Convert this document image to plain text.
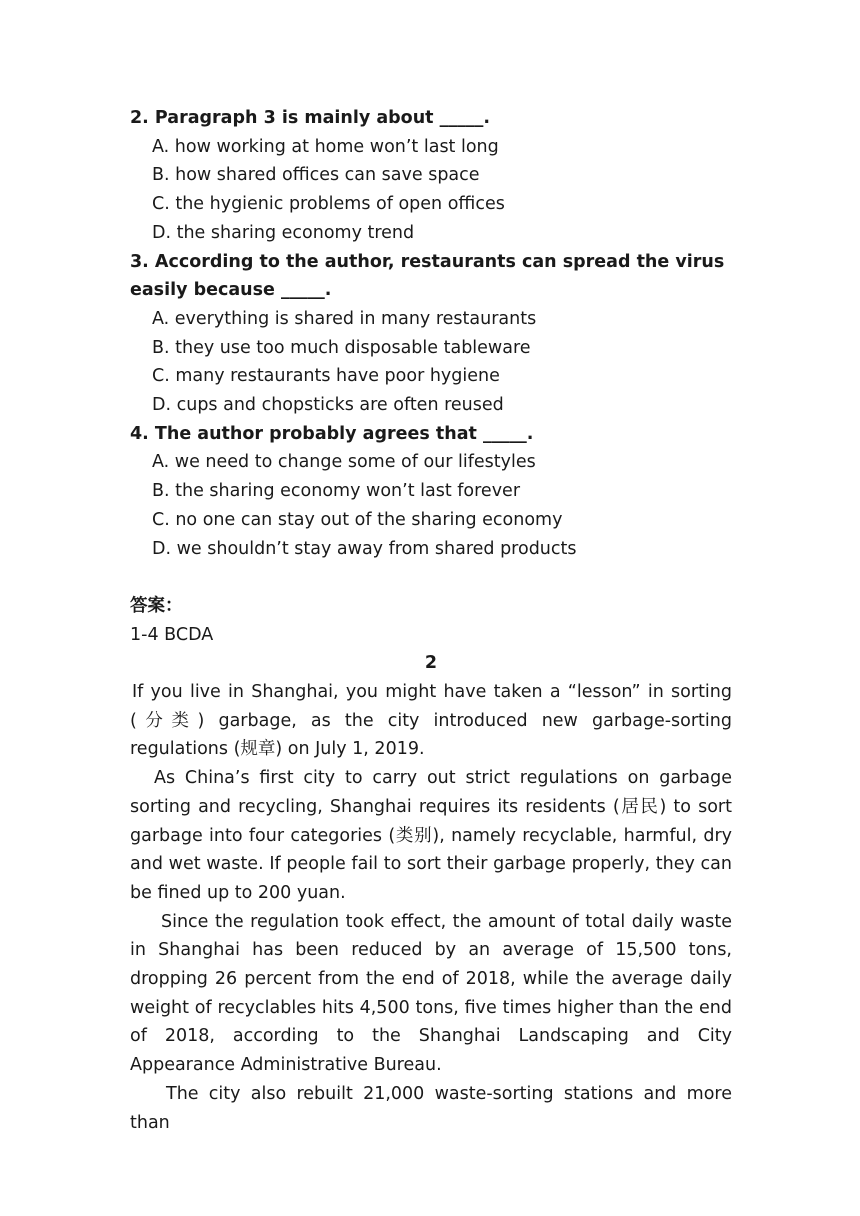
2. Paragraph 3 is mainly about _____.

A. how working at home won’t last long

B. how shared offices can save space

C. the hygienic problems of open offices

D. the sharing economy trend

3. According to the author, restaurants can spread the virus easily because _____.

A. everything is shared in many restaurants

B. they use too much disposable tableware

C. many restaurants have poor hygiene

D. cups and chopsticks are often reused

4. The author probably agrees that _____.

A. we need to change some of our lifestyles

B. the sharing economy won’t last forever

C. no one can stay out of the sharing economy

D. we shouldn’t stay away from shared products

答案：

1-4 BCDA

2

If you live in Shanghai, you might have taken a “lesson” in sorting (分类) garbage, as the city introduced new garbage-sorting regulations (规章) on July 1, 2019.

As China’s first city to carry out strict regulations on garbage sorting and recycling, Shanghai requires its residents (居民) to sort garbage into four categories (类别), namely recyclable, harmful, dry and wet waste. If people fail to sort their garbage properly, they can be fined up to 200 yuan.

Since the regulation took effect, the amount of total daily waste in Shanghai has been reduced by an average of 15,500 tons, dropping 26 percent from the end of 2018, while the average daily weight of recyclables hits 4,500 tons, five times higher than the end of 2018, according to the Shanghai Landscaping and City Appearance Administrative Bureau.

The city also rebuilt 21,000 waste-sorting stations and more than
